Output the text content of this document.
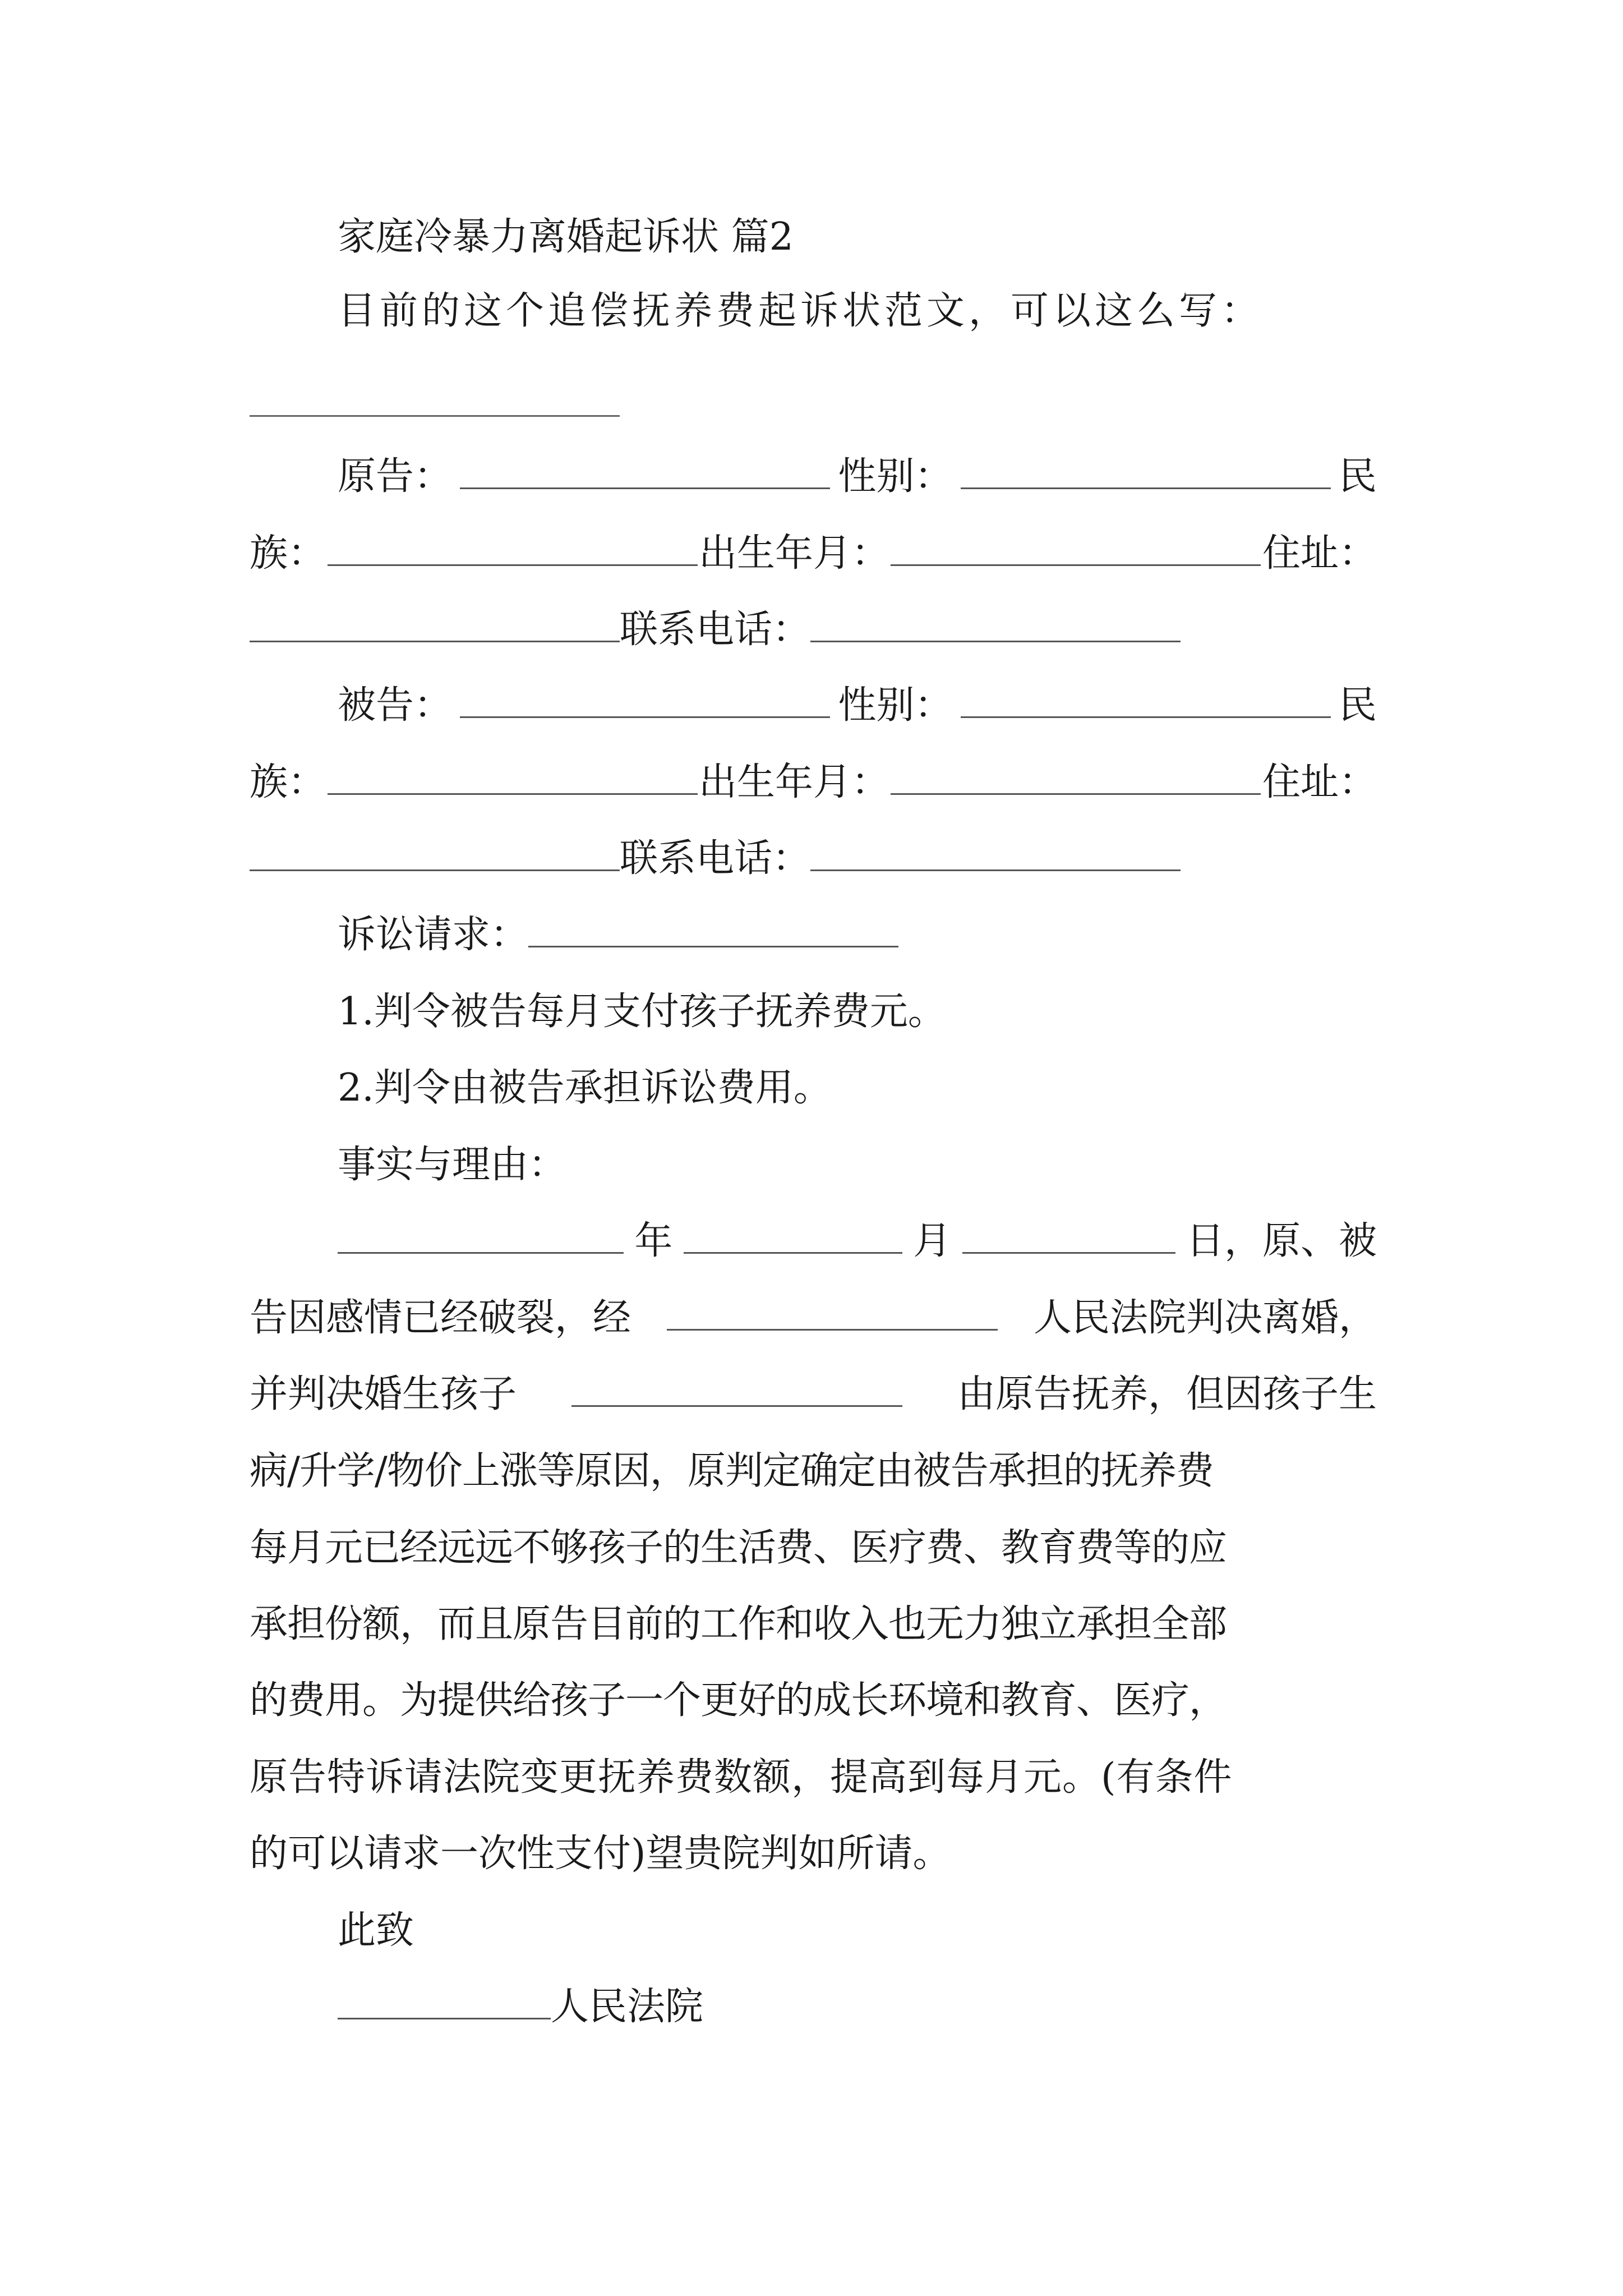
家庭冷暴力离婚起诉状 篇2
目前的这个追偿抚养费起诉状范文，可以这么写：
原告：	性别：	民
族：	出生年月：	住址：
联系电话：
被告：	性别：	民
族：	出生年月：	住址：
联系电话：
诉讼请求：
1.判令被告每月支付孩子抚养费元。
2.判令由被告承担诉讼费用。
事实与理由：
年	月	日，原、被
告因感情已经破裂，经	人民法院判决离婚，
并判决婚生孩子	由原告抚养，但因孩子生
病/升学/物价上涨等原因，原判定确定由被告承担的抚养费
每月元已经远远不够孩子的生活费、医疗费、教育费等的应
承担份额，而且原告目前的工作和收入也无力独立承担全部
的费用。为提供给孩子一个更好的成长环境和教育、医疗，
原告特诉请法院变更抚养费数额，提高到每月元。(有条件
的可以请求一次性支付)望贵院判如所请。
此致
人民法院
